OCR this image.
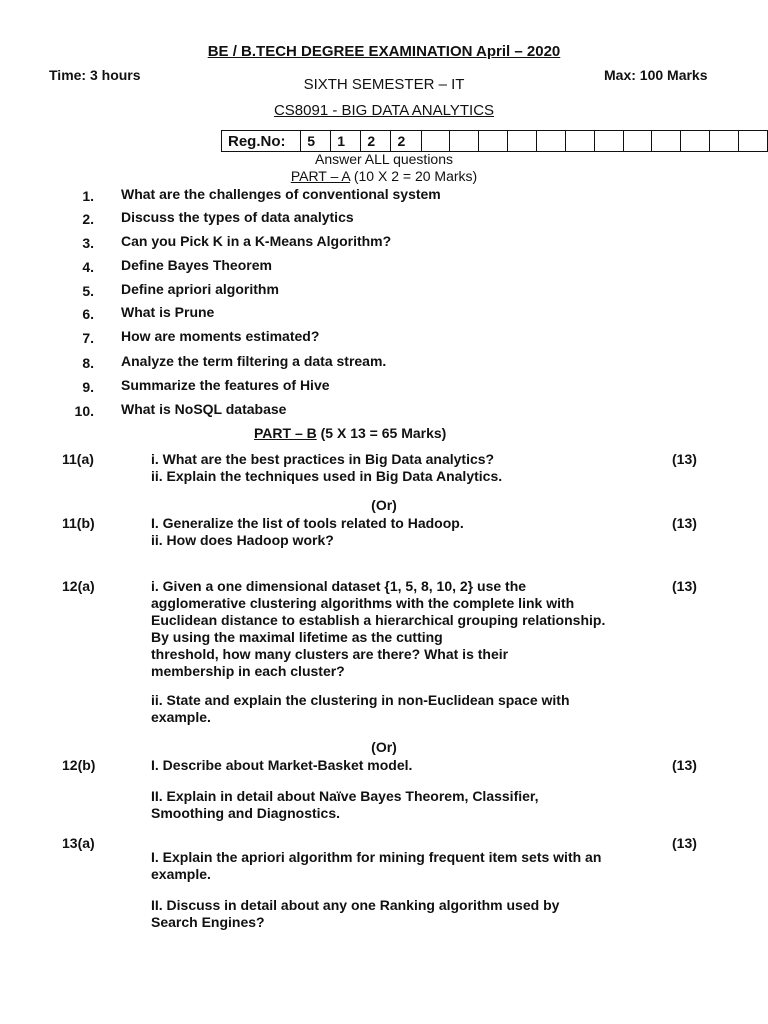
BE / B.TECH DEGREE EXAMINATION April – 2020
Time: 3 hours
SIXTH SEMESTER – IT
Max: 100 Marks
CS8091 - BIG DATA ANALYTICS
Reg.No:	5	1	2	2												
Answer ALL questions
PART – A (10 X 2 = 20 Marks)
1. What are the challenges of conventional system
2. Discuss the types of data analytics
3. Can you Pick K in a K-Means Algorithm?
4. Define Bayes Theorem
5. Define apriori algorithm
6. What is Prune
7. How are moments estimated?
8. Analyze the term filtering a data stream.
9. Summarize the features of Hive
10. What is NoSQL database
PART – B (5 X 13 = 65 Marks)
11(a)	i. What are the best practices in Big Data analytics?
ii. Explain the techniques used in Big Data Analytics.
(13)
(Or)
11(b)	I. Generalize the list of tools related to Hadoop.
ii. How does Hadoop work?
(13)
12(a)	i. Given a one dimensional dataset {1, 5, 8, 10, 2} use the
agglomerative clustering algorithms with the complete link with
Euclidean distance to establish a hierarchical grouping relationship.
By using the maximal lifetime as the cutting
threshold, how many clusters are there? What is their
membership in each cluster?
(13)
ii. State and explain the clustering in non-Euclidean space with
example.
(Or)
12(b)	I. Describe about Market-Basket model.	(13)
II. Explain in detail about Naïve Bayes Theorem, Classifier,
Smoothing and Diagnostics.
13(a)	(13)
I. Explain the apriori algorithm for mining frequent item sets with an
example.
II. Discuss in detail about any one Ranking algorithm used by
Search Engines?
